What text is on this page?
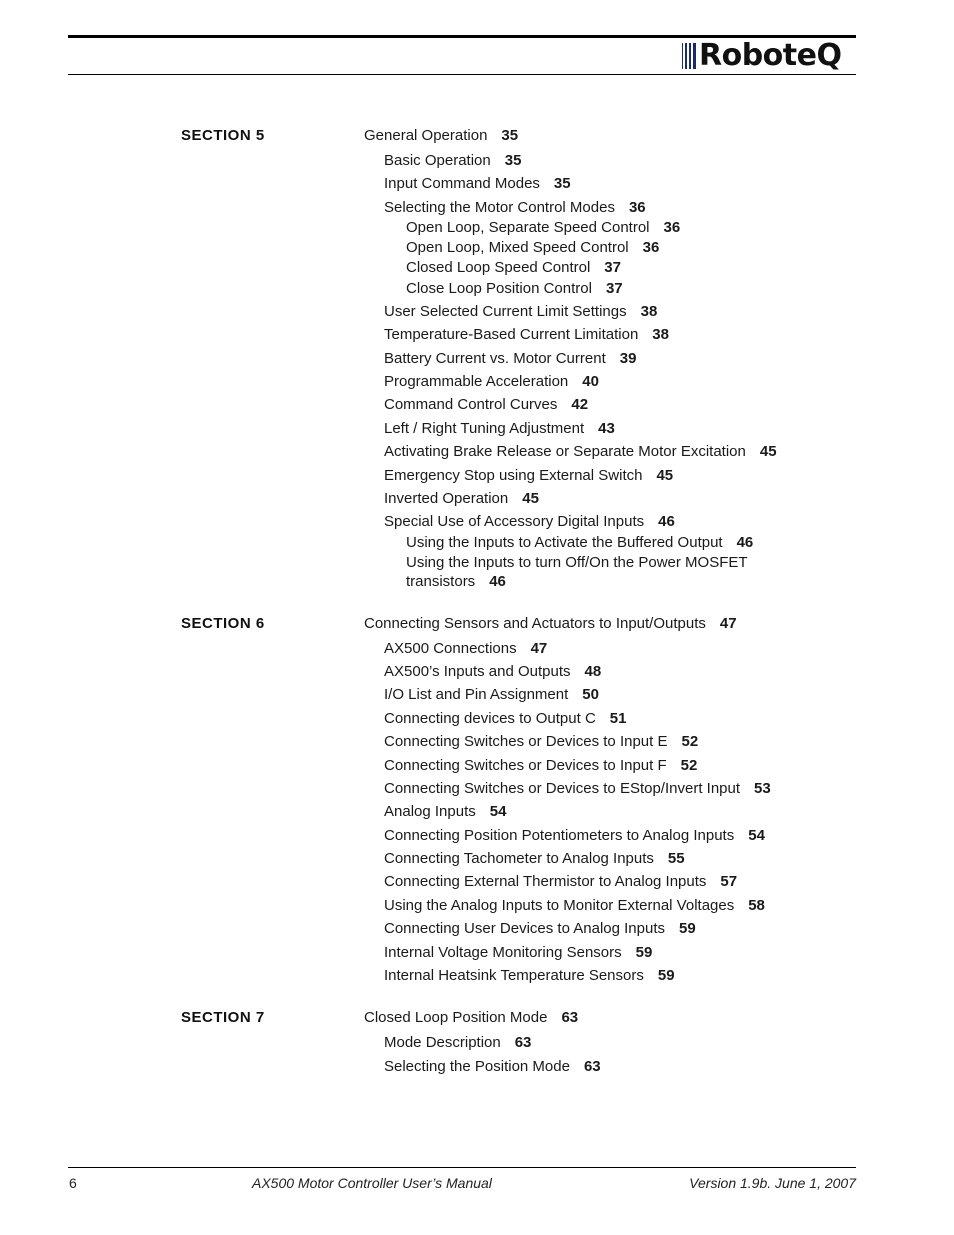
RoboteQ
SECTION 5	General Operation 35
Basic Operation 35
Input Command Modes 35
Selecting the Motor Control Modes 36
Open Loop, Separate Speed Control 36
Open Loop, Mixed Speed Control 36
Closed Loop Speed Control 37
Close Loop Position Control 37
User Selected Current Limit Settings 38
Temperature-Based Current Limitation 38
Battery Current vs. Motor Current 39
Programmable Acceleration 40
Command Control Curves 42
Left / Right Tuning Adjustment 43
Activating Brake Release or Separate Motor Excitation 45
Emergency Stop using External Switch 45
Inverted Operation 45
Special Use of Accessory Digital Inputs 46
Using the Inputs to Activate the Buffered Output 46
Using the Inputs to turn Off/On the Power MOSFET
transistors 46
SECTION 6	Connecting Sensors and Actuators to Input/Outputs 47
AX500 Connections 47
AX500’s Inputs and Outputs 48
I/O List and Pin Assignment 50
Connecting devices to Output C 51
Connecting Switches or Devices to Input E 52
Connecting Switches or Devices to Input F 52
Connecting Switches or Devices to EStop/Invert Input 53
Analog Inputs 54
Connecting Position Potentiometers to Analog Inputs 54
Connecting Tachometer to Analog Inputs 55
Connecting External Thermistor to Analog Inputs 57
Using the Analog Inputs to Monitor External Voltages 58
Connecting User Devices to Analog Inputs 59
Internal Voltage Monitoring Sensors 59
Internal Heatsink Temperature Sensors 59
SECTION 7	Closed Loop Position Mode 63
Mode Description 63
Selecting the Position Mode 63
6	AX500 Motor Controller User’s Manual	Version 1.9b. June 1, 2007
